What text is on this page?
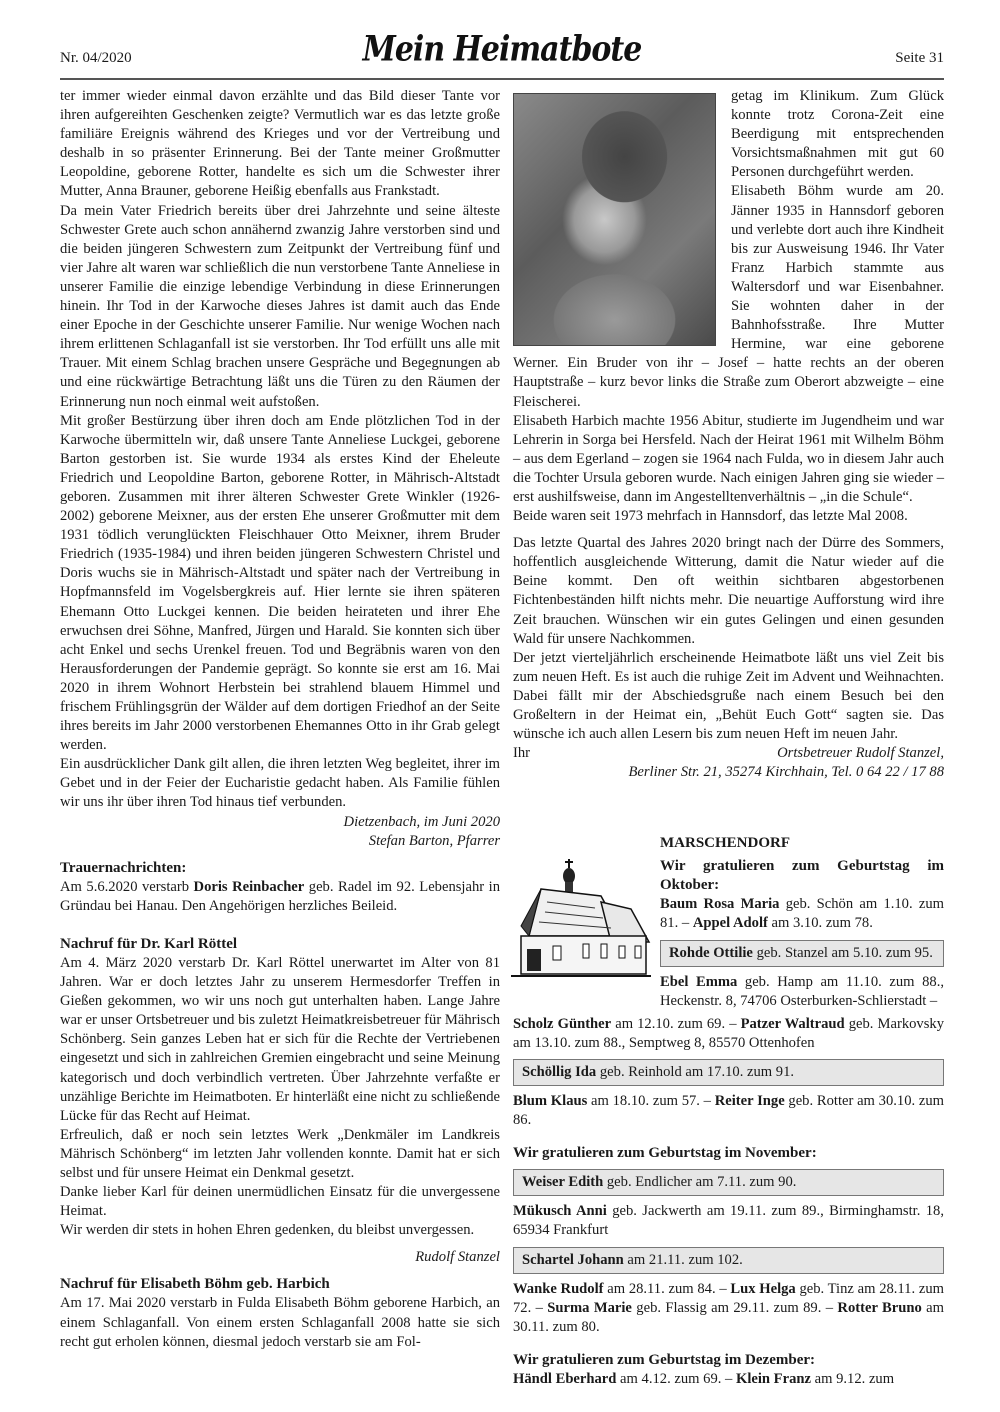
Nr. 04/2020	Mein Heimatbote	Seite 31

ter immer wieder einmal davon erzählte und das Bild dieser Tante vor ihren aufgereihten Geschenken zeigte? Vermutlich war es das letzte große familiäre Ereignis während des Krieges und vor der Vertreibung und deshalb in so präsenter Erinnerung. Bei der Tante meiner Großmutter Leopoldine, geborene Rotter, handelte es sich um die Schwester ihrer Mutter, Anna Brauner, geborene Heißig ebenfalls aus Frankstadt.

Da mein Vater Friedrich bereits über drei Jahrzehnte und seine älteste Schwester Grete auch schon annähernd zwanzig Jahre verstorben sind und die beiden jüngeren Schwestern zum Zeitpunkt der Vertreibung fünf und vier Jahre alt waren war schließlich die nun verstorbene Tante Anneliese in unserer Familie die einzige lebendige Verbindung in diese Erinnerungen hinein. Ihr Tod in der Karwoche dieses Jahres ist damit auch das Ende einer Epoche in der Geschichte unserer Familie. Nur wenige Wochen nach ihrem erlittenen Schlaganfall ist sie verstorben. Ihr Tod erfüllt uns alle mit Trauer. Mit einem Schlag brachen unsere Gespräche und Begegnungen ab und eine rückwärtige Betrachtung läßt uns die Türen zu den Räumen der Erinnerung nun noch einmal weit aufstoßen.

Mit großer Bestürzung über ihren doch am Ende plötzlichen Tod in der Karwoche übermitteln wir, daß unsere Tante Anneliese Luckgei, geborene Barton gestorben ist. Sie wurde 1934 als erstes Kind der Eheleute Friedrich und Leopoldine Barton, geborene Rotter, in Mährisch-Altstadt geboren. Zusammen mit ihrer älteren Schwester Grete Winkler (1926-2002) geborene Meixner, aus der ersten Ehe unserer Großmutter mit dem 1931 tödlich verunglückten Fleischhauer Otto Meixner, ihrem Bruder Friedrich (1935-1984) und ihren beiden jüngeren Schwestern Christel und Doris wuchs sie in Mährisch-Altstadt und später nach der Vertreibung in Hopfmannsfeld im Vogelsbergkreis auf. Hier lernte sie ihren späteren Ehemann Otto Luckgei kennen. Die beiden heirateten und ihrer Ehe erwuchsen drei Söhne, Manfred, Jürgen und Harald. Sie konnten sich über acht Enkel und sechs Urenkel freuen. Tod und Begräbnis waren von den Herausforderungen der Pandemie geprägt. So konnte sie erst am 16. Mai 2020 in ihrem Wohnort Herbstein bei strahlend blauem Himmel und frischem Frühlingsgrün der Wälder auf dem dortigen Friedhof an der Seite ihres bereits im Jahr 2000 verstorbenen Ehemannes Otto in ihr Grab gelegt werden.

Ein ausdrücklicher Dank gilt allen, die ihren letzten Weg begleitet, ihrer im Gebet und in der Feier der Eucharistie gedacht haben. Als Familie fühlen wir uns ihr über ihren Tod hinaus tief verbunden.

Dietzenbach, im Juni 2020

Stefan Barton, Pfarrer

Trauernachrichten:

Am 5.6.2020 verstarb Doris Reinbacher geb. Radel im 92. Lebensjahr in Gründau bei Hanau. Den Angehörigen herzliches Beileid.

Nachruf für Dr. Karl Röttel

Am 4. März 2020 verstarb Dr. Karl Röttel unerwartet im Alter von 81 Jahren. War er doch letztes Jahr zu unserem Hermesdorfer Treffen in Gießen gekommen, wo wir uns noch gut unterhalten haben. Lange Jahre war er unser Ortsbetreuer und bis zuletzt Heimatkreisbetreuer für Mährisch Schönberg. Sein ganzes Leben hat er sich für die Rechte der Vertriebenen eingesetzt und sich in zahlreichen Gremien eingebracht und seine Meinung kategorisch und doch verbindlich vertreten. Über Jahrzehnte verfaßte er unzählige Berichte im Heimatboten. Er hinterläßt eine nicht zu schließende Lücke für das Recht auf Heimat.

Erfreulich, daß er noch sein letztes Werk „Denkmäler im Landkreis Mährisch Schönberg“ im letzten Jahr vollenden konnte. Damit hat er sich selbst und für unsere Heimat ein Denkmal gesetzt.

Danke lieber Karl für deinen unermüdlichen Einsatz für die unvergessene Heimat.

Wir werden dir stets in hohen Ehren gedenken, du bleibst unvergessen.

Rudolf Stanzel

Nachruf für Elisabeth Böhm geb. Harbich

Am 17. Mai 2020 verstarb in Fulda Elisabeth Böhm geborene Harbich, an einem Schlaganfall. Von einem ersten Schlaganfall 2008 hatte sie sich recht gut erholen können, diesmal jedoch verstarb sie am Fol-

getag im Klinikum. Zum Glück konnte trotz Corona-Zeit eine Beerdigung mit entsprechenden Vorsichtsmaßnahmen mit gut 60 Personen durchgeführt werden.

Elisabeth Böhm wurde am 20. Jänner 1935 in Hannsdorf geboren und verlebte dort auch ihre Kindheit bis zur Ausweisung 1946. Ihr Vater Franz Harbich stammte aus Waltersdorf und war Eisenbahner. Sie wohnten daher in der Bahnhofsstraße. Ihre Mutter Hermine, war eine geborene Werner. Ein Bruder von ihr – Josef – hatte rechts an der oberen Hauptstraße – kurz bevor links die Straße zum Oberort abzweigte – eine Fleischerei.

Elisabeth Harbich machte 1956 Abitur, studierte im Jugendheim und war Lehrerin in Sorga bei Hersfeld. Nach der Heirat 1961 mit Wilhelm Böhm – aus dem Egerland – zogen sie 1964 nach Fulda, wo in diesem Jahr auch die Tochter Ursula geboren wurde. Nach einigen Jahren ging sie wieder – erst aushilfsweise, dann im Angestelltenverhältnis – „in die Schule“.

Beide waren seit 1973 mehrfach in Hannsdorf, das letzte Mal 2008.

Das letzte Quartal des Jahres 2020 bringt nach der Dürre des Sommers, hoffentlich ausgleichende Witterung, damit die Natur wieder auf die Beine kommt. Den oft weithin sichtbaren abgestorbenen Fichtenbeständen hilft nichts mehr. Die neuartige Aufforstung wird ihre Zeit brauchen. Wünschen wir ein gutes Gelingen und einen gesunden Wald für unsere Nachkommen.

Der jetzt vierteljährlich erscheinende Heimatbote läßt uns viel Zeit bis zum neuen Heft. Es ist auch die ruhige Zeit im Advent und Weihnachten. Dabei fällt mir der Abschiedsgruße nach einem Besuch bei den Großeltern in der Heimat ein, „Behüt Euch Gott“ sagten sie. Das wünsche ich auch allen Lesern bis zum neuen Heft im neuen Jahr.

Ihr	Ortsbetreuer Rudolf Stanzel,

Berliner Str. 21, 35274 Kirchhain, Tel. 0 64 22 / 17 88

MARSCHENDORF
Wir gratulieren zum Geburtstag im Oktober:

Baum Rosa Maria geb. Schön am 1.10. zum 81. – Appel Adolf am 3.10. zum 78.

Rohde Ottilie geb. Stanzel am 5.10. zum 95.

Ebel Emma geb. Hamp am 11.10. zum 88., Heckenstr. 8, 74706 Osterburken-Schlierstadt –

Scholz Günther am 12.10. zum 69. – Patzer Waltraud geb. Markovsky am 13.10. zum 88., Semptweg 8, 85570 Ottenhofen

Schöllig Ida geb. Reinhold am 17.10. zum 91.

Blum Klaus am 18.10. zum 57. – Reiter Inge geb. Rotter am 30.10. zum 86.

Wir gratulieren zum Geburtstag im November:
Weiser Edith geb. Endlicher am 7.11. zum 90.

Mükusch Anni geb. Jackwerth am 19.11. zum 89., Birminghamstr. 18, 65934 Frankfurt

Schartel Johann am 21.11. zum 102.

Wanke Rudolf am 28.11. zum 84. – Lux Helga geb. Tinz am 28.11. zum 72. – Surma Marie geb. Flassig am 29.11. zum 89. – Rotter Bruno am 30.11. zum 80.

Wir gratulieren zum Geburtstag im Dezember:

Händl Eberhard am 4.12. zum 69. – Klein Franz am 9.12. zum
